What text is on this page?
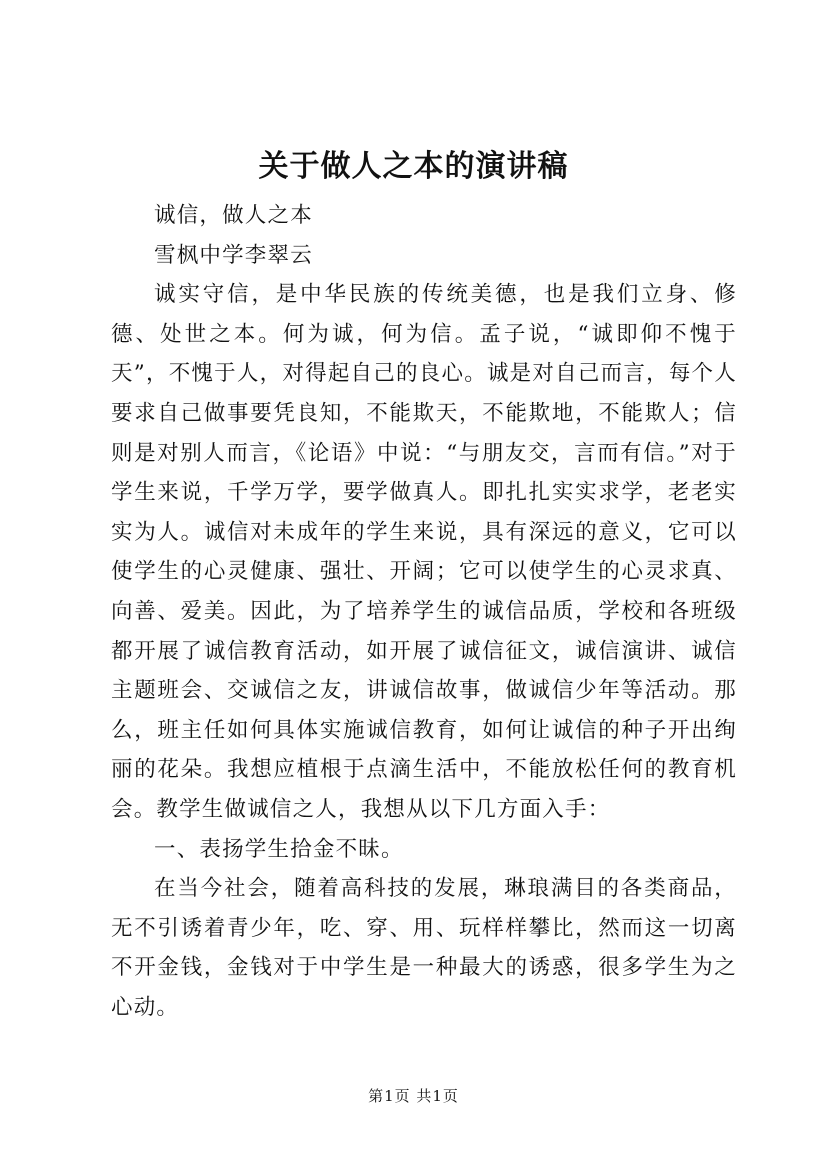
关于做人之本的演讲稿

诚信，做人之本

雪枫中学李翠云

诚实守信，是中华民族的传统美德，也是我们立身、修德、处世之本。何为诚，何为信。孟子说，“诚即仰不愧于天”，不愧于人，对得起自己的良心。诚是对自己而言，每个人要求自己做事要凭良知，不能欺天，不能欺地，不能欺人；信则是对别人而言，《论语》中说：“与朋友交，言而有信。”对于学生来说，千学万学，要学做真人。即扎扎实实求学，老老实实为人。诚信对未成年的学生来说，具有深远的意义，它可以使学生的心灵健康、强壮、开阔；它可以使学生的心灵求真、向善、爱美。因此，为了培养学生的诚信品质，学校和各班级都开展了诚信教育活动，如开展了诚信征文，诚信演讲、诚信主题班会、交诚信之友，讲诚信故事，做诚信少年等活动。那么，班主任如何具体实施诚信教育，如何让诚信的种子开出绚丽的花朵。我想应植根于点滴生活中，不能放松任何的教育机会。教学生做诚信之人，我想从以下几方面入手：

一、表扬学生拾金不昧。

在当今社会，随着高科技的发展，琳琅满目的各类商品，无不引诱着青少年，吃、穿、用、玩样样攀比，然而这一切离不开金钱，金钱对于中学生是一种最大的诱惑，很多学生为之心动。

第1页 共1页
